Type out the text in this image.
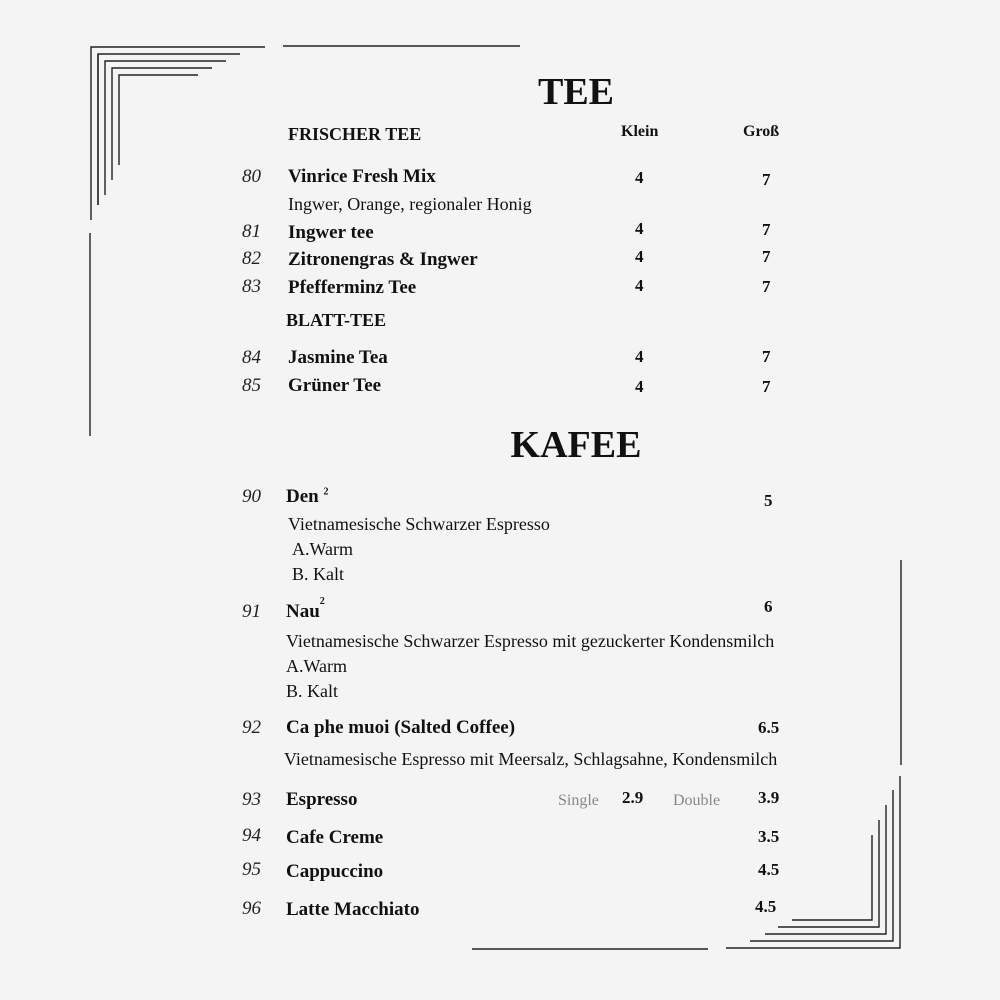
TEE
FRISCHER TEE	Klein	Groß
80 Vinrice Fresh Mix	4	7
Ingwer, Orange, regionaler Honig
81 Ingwer tee	4	7
82 Zitronengras & Ingwer	4	7
83 Pfefferminz Tee	4	7
BLATT-TEE
84 Jasmine Tea	4	7
85 Grüner Tee	4	7
KAFEE
90 Den $^2$	5
Vietnamesische Schwarzer Espresso
A.Warm
B. Kalt
91 Nau$^2$	6
Vietnamesische Schwarzer Espresso mit gezuckerter Kondensmilch
A.Warm
B. Kalt
92 Ca phe muoi (Salted Coffee)	6.5
Vietnamesische Espresso mit Meersalz, Schlagsahne, Kondensmilch
93 Espresso	Single 2.9 Double 3.9
94 Cafe Creme	3.5
95 Cappuccino	4.5
96 Latte Macchiato	4.5
